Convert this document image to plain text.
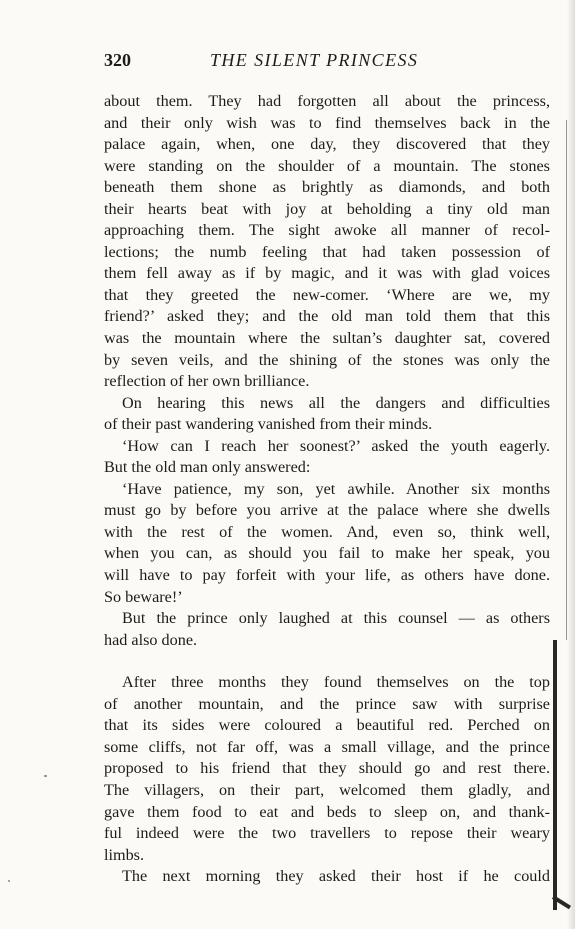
320	THE SILENT PRINCESS
about them. They had forgotten all about the princess,
and their only wish was to find themselves back in the
palace again, when, one day, they discovered that they
were standing on the shoulder of a mountain. The stones
beneath them shone as brightly as diamonds, and both
their hearts beat with joy at beholding a tiny old man
approaching them. The sight awoke all manner of recol-
lections; the numb feeling that had taken possession of
them fell away as if by magic, and it was with glad voices
that they greeted the new-comer. ‘Where are we, my
friend?’ asked they; and the old man told them that this
was the mountain where the sultan’s daughter sat, covered
by seven veils, and the shining of the stones was only the
reflection of her own brilliance.
On hearing this news all the dangers and difficulties
of their past wandering vanished from their minds.
‘How can I reach her soonest?’ asked the youth eagerly.
But the old man only answered:
‘Have patience, my son, yet awhile. Another six months
must go by before you arrive at the palace where she dwells
with the rest of the women. And, even so, think well,
when you can, as should you fail to make her speak, you
will have to pay forfeit with your life, as others have done.
So beware!’
But the prince only laughed at this counsel — as others
had also done.
After three months they found themselves on the top
of another mountain, and the prince saw with surprise
that its sides were coloured a beautiful red. Perched on
some cliffs, not far off, was a small village, and the prince
proposed to his friend that they should go and rest there.
The villagers, on their part, welcomed them gladly, and
gave them food to eat and beds to sleep on, and thank-
ful indeed were the two travellers to repose their weary
limbs.
The next morning they asked their host if he could
